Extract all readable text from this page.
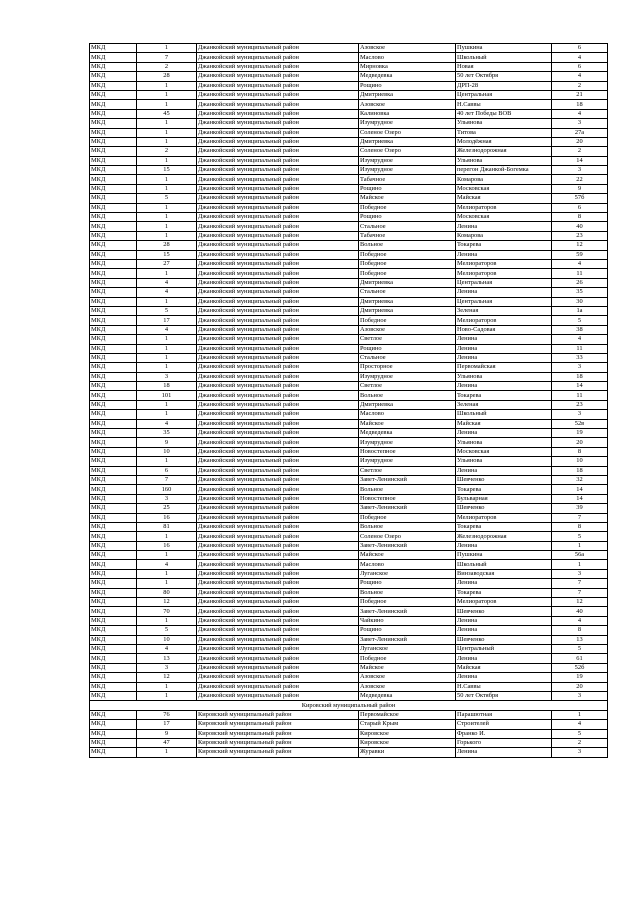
МКД	1	Джанкойский муниципальный район	Азовское	Пушкина	6
МКД	7	Джанкойский муниципальный район	Маслово	Школьный	4
МКД	2	Джанкойский муниципальный район	Мирновка	Новая	6
МКД	28	Джанкойский муниципальный район	Медведевка	50 лет Октября	4
МКД	1	Джанкойский муниципальный район	Рощино	ДРП-28	2
МКД	1	Джанкойский муниципальный район	Дмитриевка	Центральная	21
МКД	1	Джанкойский муниципальный район	Азовское	Н.Саввы	18
МКД	45	Джанкойский муниципальный район	Калиновка	40 лет Победы ВОВ	4
МКД	1	Джанкойский муниципальный район	Изумрудное	Ульянова	3
МКД	1	Джанкойский муниципальный район	Соленое Озеро	Титова	27а
МКД	1	Джанкойский муниципальный район	Дмитриевка	Молодёжная	20
МКД	2	Джанкойский муниципальный район	Соленое Озеро	Железнодорожная	2
МКД	1	Джанкойский муниципальный район	Изумрудное	Ульянова	14
МКД	15	Джанкойский муниципальный район	Изумрудное	перегон Джанкой-Богемка	3
МКД	1	Джанкойский муниципальный район	Табачное	Комарова	22
МКД	1	Джанкойский муниципальный район	Рощино	Московская	9
МКД	5	Джанкойский муниципальный район	Майское	Майская	57б
МКД	1	Джанкойский муниципальный район	Победное	Мелиораторов	6
МКД	1	Джанкойский муниципальный район	Рощино	Московская	8
МКД	1	Джанкойский муниципальный район	Стальное	Ленина	40
МКД	1	Джанкойский муниципальный район	Табачное	Комарова	23
МКД	28	Джанкойский муниципальный район	Вольное	Токарева	12
МКД	15	Джанкойский муниципальный район	Победное	Ленина	59
МКД	27	Джанкойский муниципальный район	Победное	Мелиораторов	4
МКД	1	Джанкойский муниципальный район	Победное	Мелиораторов	11
МКД	4	Джанкойский муниципальный район	Дмитриевка	Центральная	26
МКД	4	Джанкойский муниципальный район	Стальное	Ленина	35
МКД	1	Джанкойский муниципальный район	Дмитриевка	Центральная	30
МКД	5	Джанкойский муниципальный район	Дмитриевка	Зеленая	1а
МКД	17	Джанкойский муниципальный район	Победное	Мелиораторов	5
МКД	4	Джанкойский муниципальный район	Азовское	Ново-Садовая	38
МКД	1	Джанкойский муниципальный район	Светлое	Ленина	4
МКД	1	Джанкойский муниципальный район	Рощино	Ленина	11
МКД	1	Джанкойский муниципальный район	Стальное	Ленина	33
МКД	1	Джанкойский муниципальный район	Просторное	Первомайская	3
МКД	3	Джанкойский муниципальный район	Изумрудное	Ульянова	18
МКД	18	Джанкойский муниципальный район	Светлое	Ленина	14
МКД	101	Джанкойский муниципальный район	Вольное	Токарева	11
МКД	1	Джанкойский муниципальный район	Дмитриевка	Зеленая	23
МКД	1	Джанкойский муниципальный район	Маслово	Школьный	3
МКД	4	Джанкойский муниципальный район	Майское	Майская	52в
МКД	35	Джанкойский муниципальный район	Медведевка	Ленина	19
МКД	9	Джанкойский муниципальный район	Изумрудное	Ульянова	20
МКД	10	Джанкойский муниципальный район	Новостепное	Московская	8
МКД	1	Джанкойский муниципальный район	Изумрудное	Ульянова	10
МКД	6	Джанкойский муниципальный район	Светлое	Ленина	18
МКД	7	Джанкойский муниципальный район	Завет-Ленинский	Шевченко	32
МКД	160	Джанкойский муниципальный район	Вольное	Токарева	14
МКД	3	Джанкойский муниципальный район	Новостепное	Бульварная	14
МКД	25	Джанкойский муниципальный район	Завет-Ленинский	Шевченко	39
МКД	16	Джанкойский муниципальный район	Победное	Мелиораторов	7
МКД	81	Джанкойский муниципальный район	Вольное	Токарева	8
МКД	1	Джанкойский муниципальный район	Соленое Озеро	Железнодорожная	5
МКД	16	Джанкойский муниципальный район	Завет-Ленинский	Ленина	1
МКД	1	Джанкойский муниципальный район	Майское	Пушкина	56а
МКД	4	Джанкойский муниципальный район	Маслово	Школьный	1
МКД	1	Джанкойский муниципальный район	Луганское	Винзаводская	3
МКД	1	Джанкойский муниципальный район	Рощино	Ленина	7
МКД	80	Джанкойский муниципальный район	Вольное	Токарева	7
МКД	12	Джанкойский муниципальный район	Победное	Мелиораторов	12
МКД	70	Джанкойский муниципальный район	Завет-Ленинский	Шевченко	40
МКД	1	Джанкойский муниципальный район	Чайкино	Ленина	4
МКД	5	Джанкойский муниципальный район	Рощино	Ленина	8
МКД	10	Джанкойский муниципальный район	Завет-Ленинский	Шевченко	13
МКД	4	Джанкойский муниципальный район	Луганское	Центральный	5
МКД	13	Джанкойский муниципальный район	Победное	Ленина	61
МКД	3	Джанкойский муниципальный район	Майское	Майская	52б
МКД	12	Джанкойский муниципальный район	Азовское	Ленина	19
МКД	1	Джанкойский муниципальный район	Азовское	Н.Саввы	20
МКД	1	Джанкойский муниципальный район	Медведевка	50 лет Октября	3
Кировский муниципальный район					
МКД	76	Кировский муниципальный район	Первомайское	Парашютная	1
МКД	17	Кировский муниципальный район	Старый Крым	Строителей	4
МКД	9	Кировский муниципальный район	Кировское	Франко И.	5
МКД	47	Кировский муниципальный район	Кировское	Горького	2
МКД	1	Кировский муниципальный район	Журавки	Ленина	3
